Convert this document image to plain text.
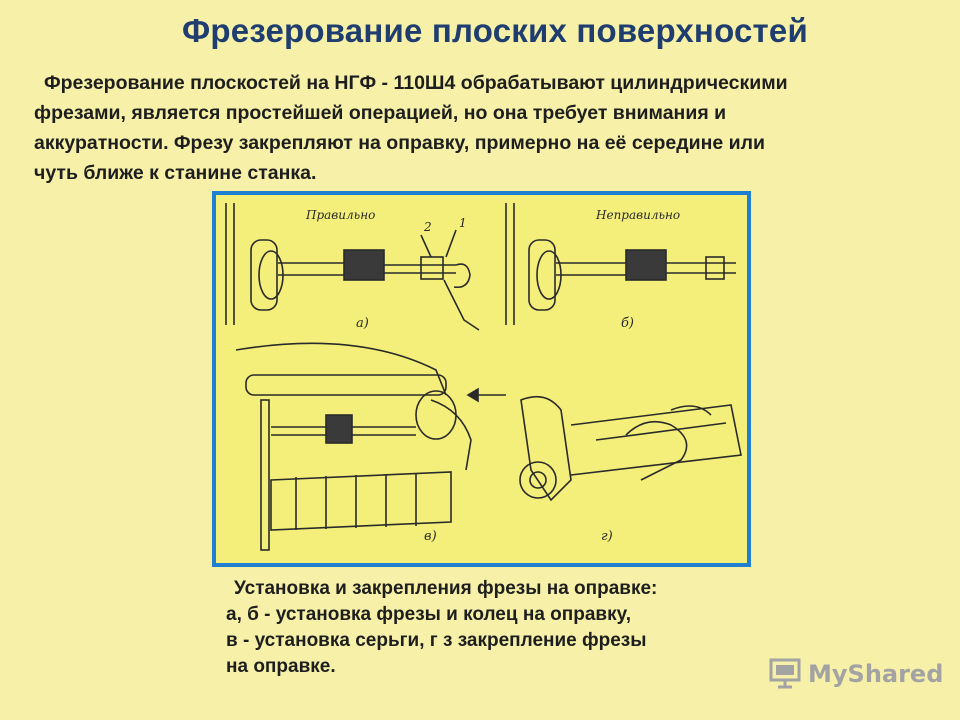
Фрезерование плоских поверхностей
Фрезерование плоскостей на НГФ - 110Ш4 обрабатывают цилиндрическими
фрезами, является простейшей операцией, но она требует внимания и
аккуратности. Фрезу закрепляют на оправку, примерно на её середине или
чуть ближе к станине станка.
Правильно
2 1
а)
Неправильно
б)
в)	г)
Установка и закрепления фрезы на оправке:
а, б - установка фрезы и колец на оправку,
в - установка серьги, г з закрепление фрезы
на оправке.	MyShared
